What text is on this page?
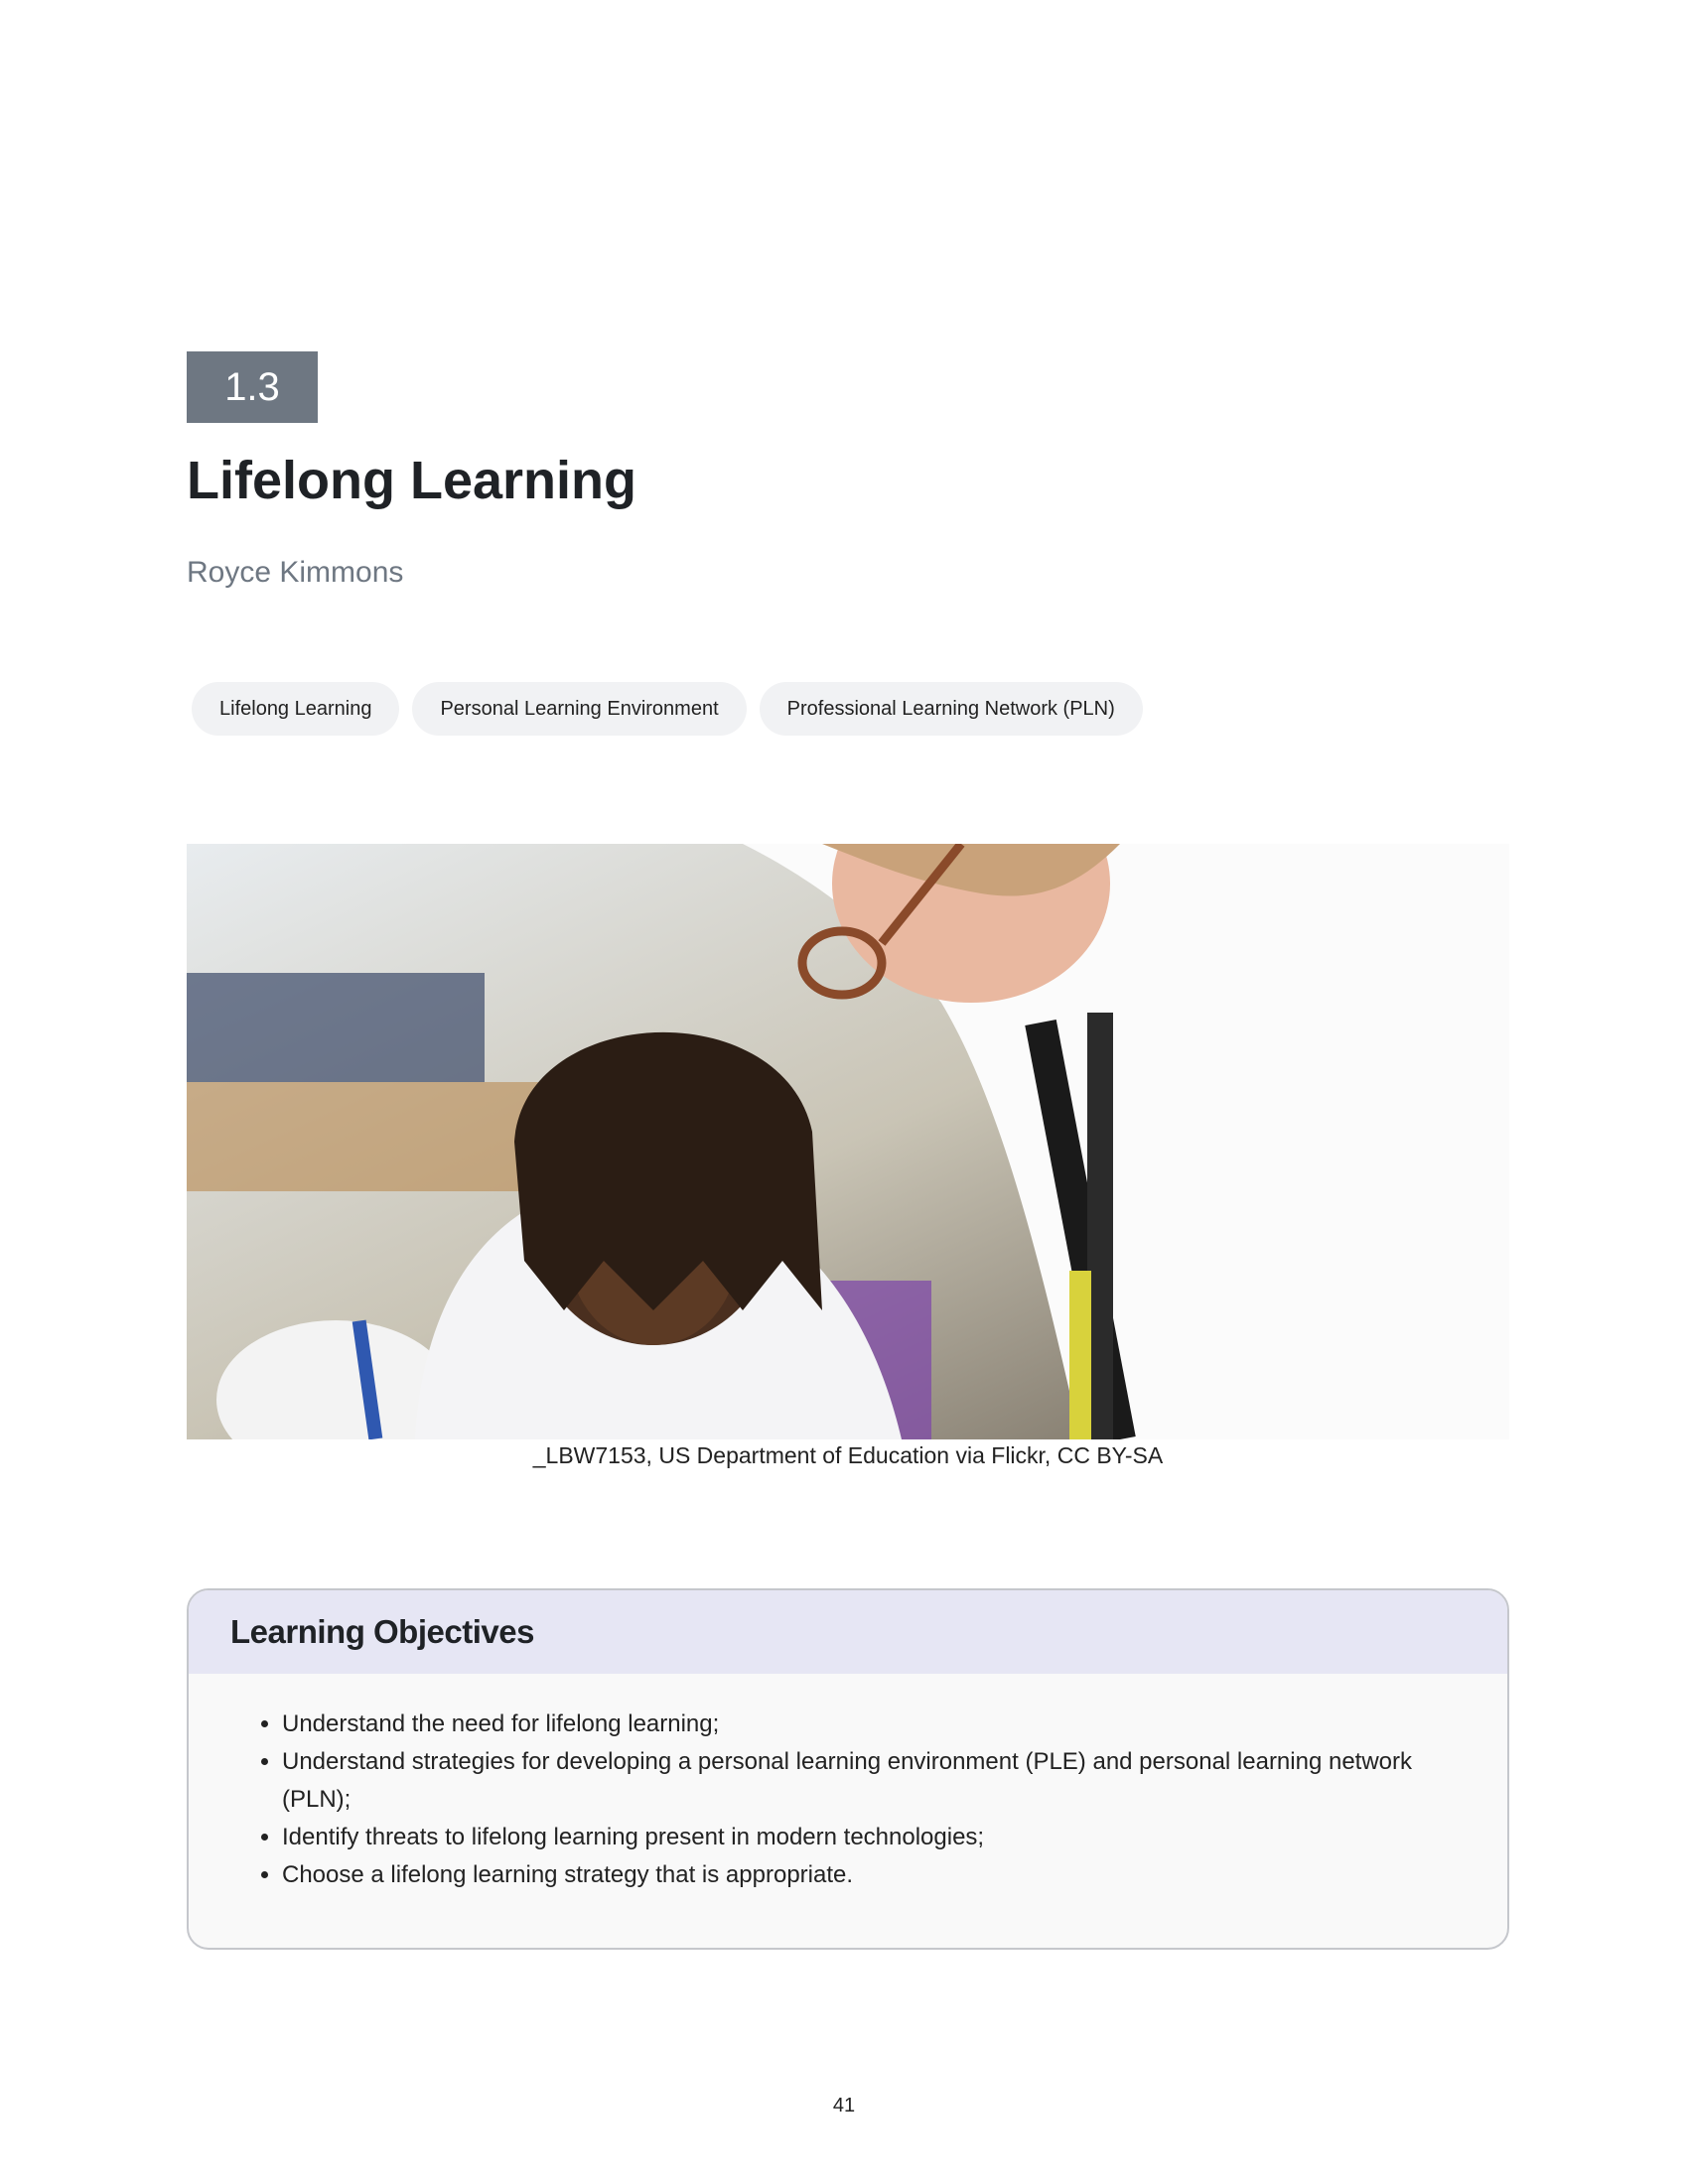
1.3
Lifelong Learning

Royce Kimmons

Lifelong Learning	Personal Learning Environment	Professional Learning Network (PLN)

_LBW7153, US Department of Education via Flickr, CC BY-SA

Learning Objectives
• Understand the need for lifelong learning;
• Understand strategies for developing a personal learning environment (PLE) and personal learning network (PLN);
• Identify threats to lifelong learning present in modern technologies;
• Choose a lifelong learning strategy that is appropriate.

41
